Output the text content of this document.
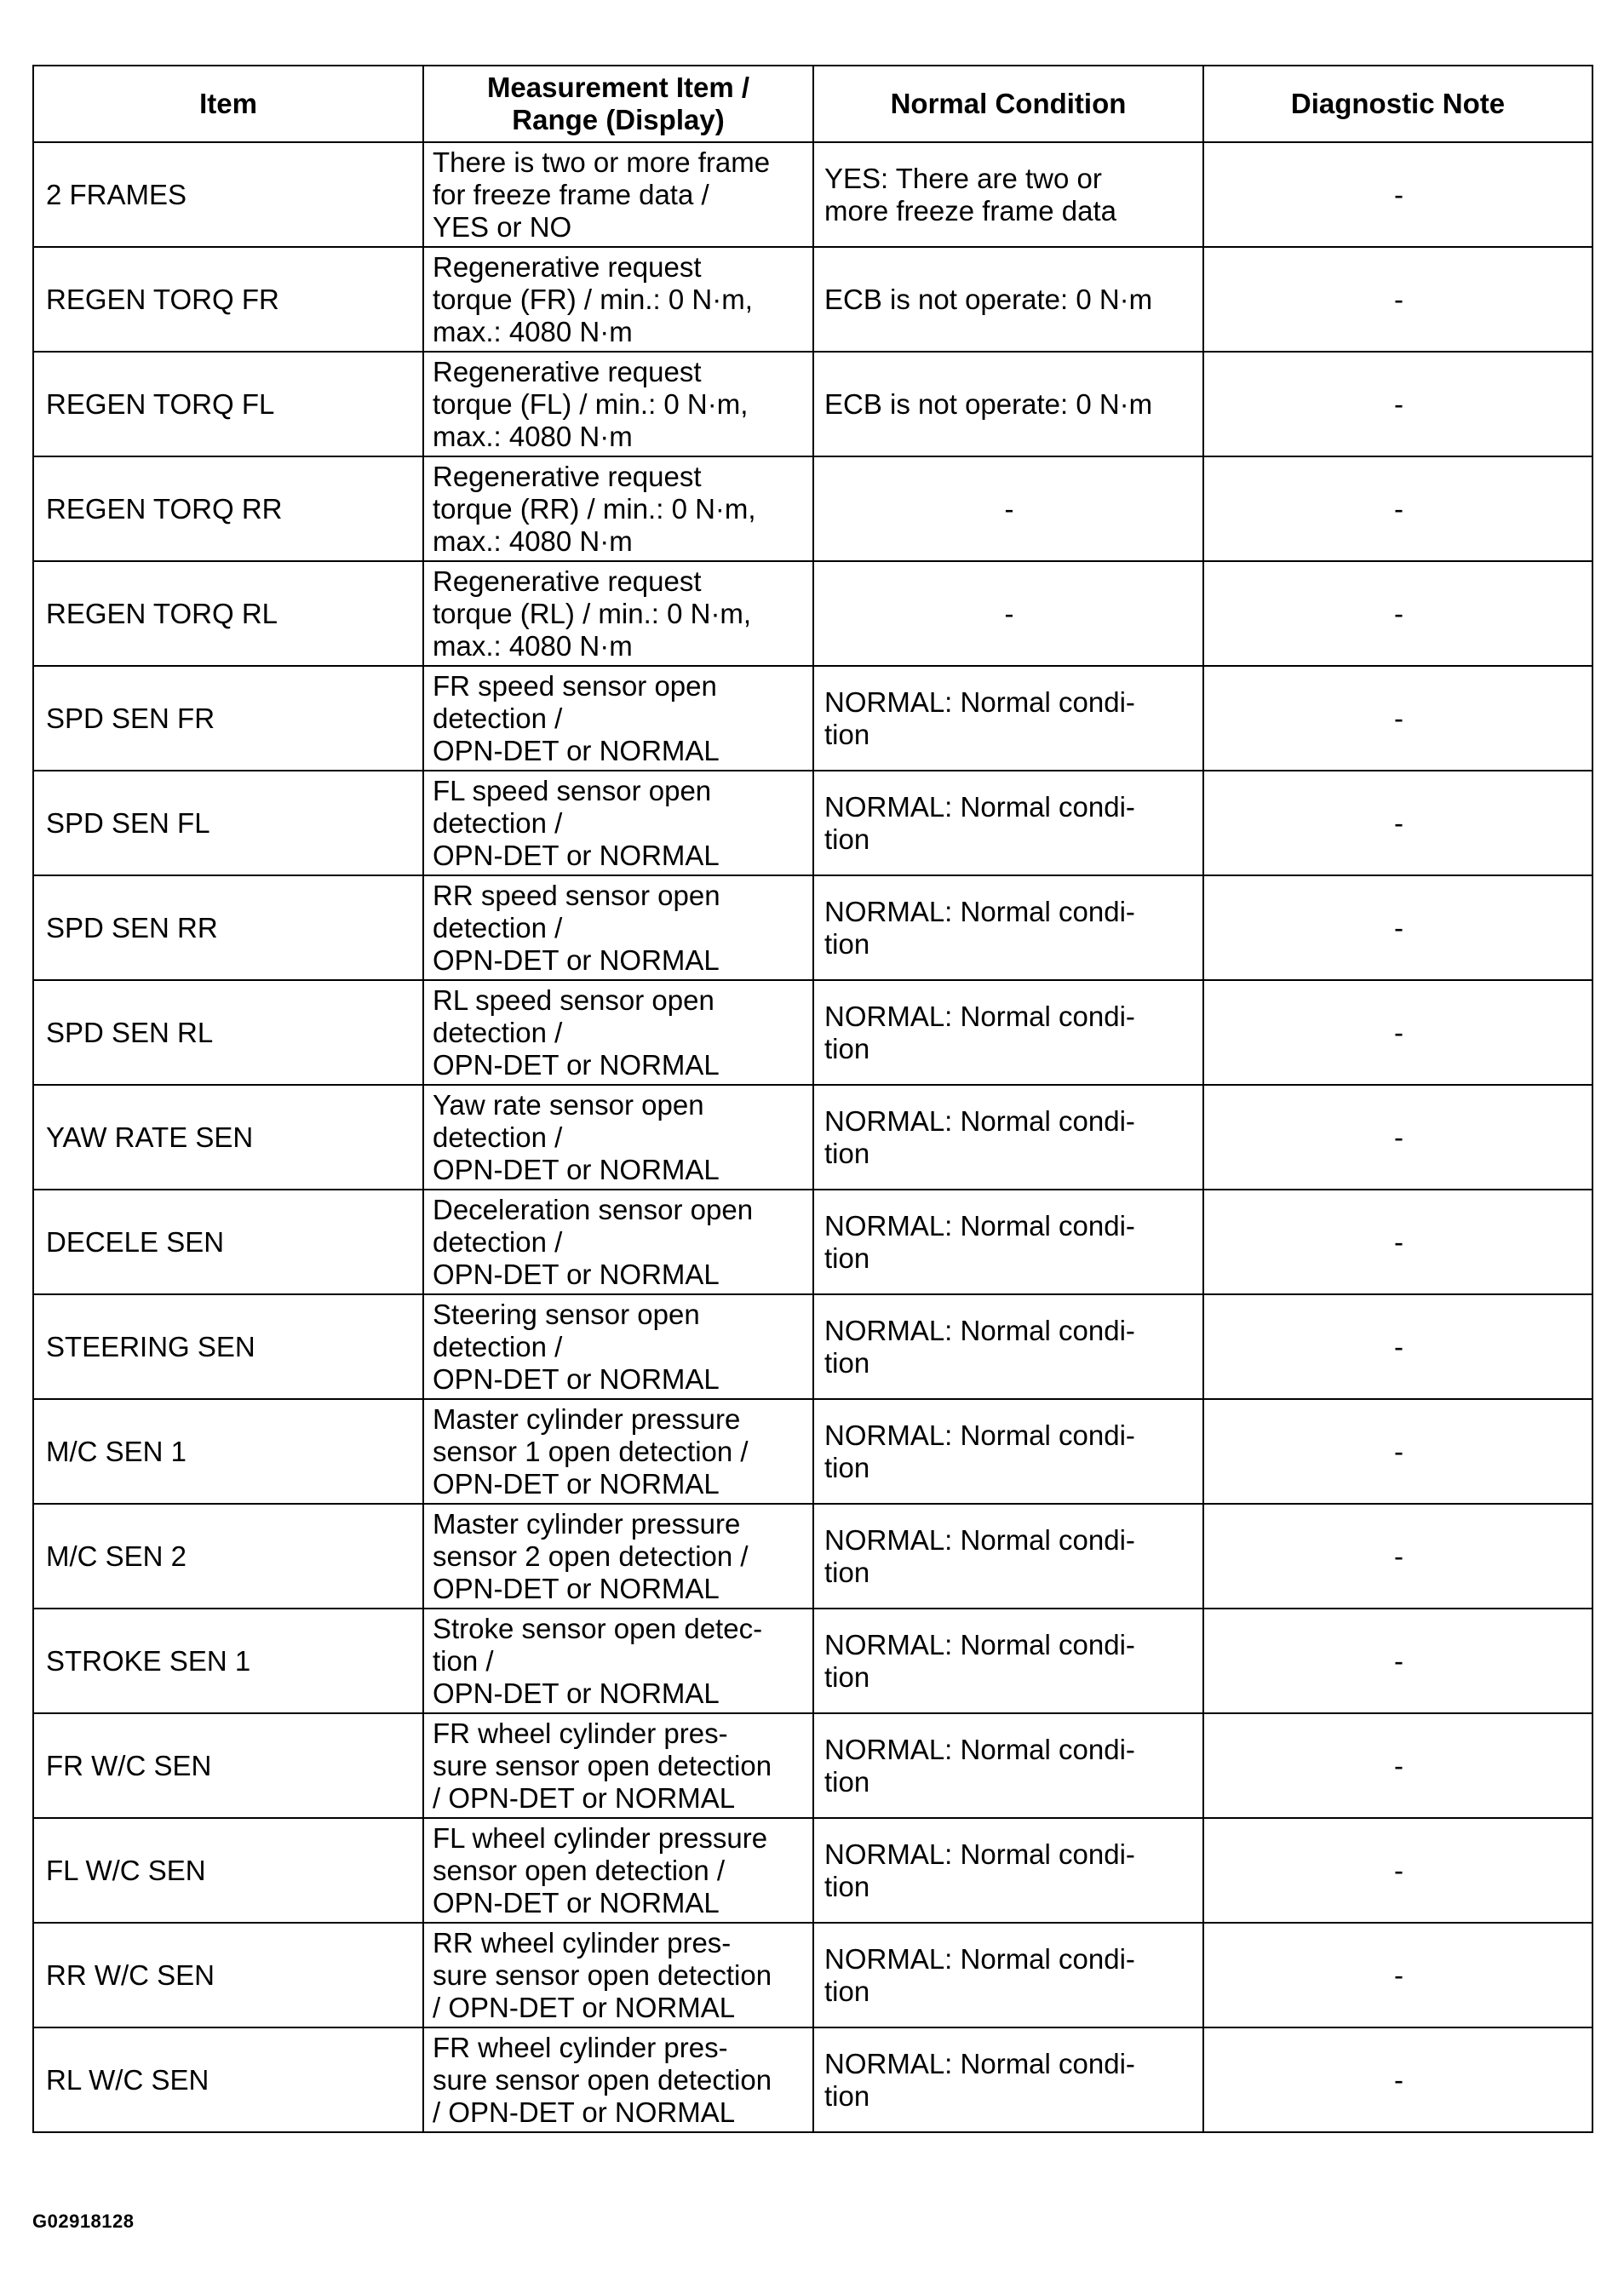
Item	Measurement Item /
Range (Display)	Normal Condition	Diagnostic Note
2 FRAMES	There is two or more frame
for freeze frame data /
YES or NO	YES: There are two or
more freeze frame data	-
REGEN TORQ FR	Regenerative request
torque (FR) / min.: 0 N·m,
max.: 4080 N·m	ECB is not operate: 0 N·m	-
REGEN TORQ FL	Regenerative request
torque (FL) / min.: 0 N·m,
max.: 4080 N·m	ECB is not operate: 0 N·m	-
REGEN TORQ RR	Regenerative request
torque (RR) / min.: 0 N·m,
max.: 4080 N·m	-	-
REGEN TORQ RL	Regenerative request
torque (RL) / min.: 0 N·m,
max.: 4080 N·m	-	-
SPD SEN FR	FR speed sensor open
detection /
OPN-DET or NORMAL	NORMAL: Normal condi-
tion	-
SPD SEN FL	FL speed sensor open
detection /
OPN-DET or NORMAL	NORMAL: Normal condi-
tion	-
SPD SEN RR	RR speed sensor open
detection /
OPN-DET or NORMAL	NORMAL: Normal condi-
tion	-
SPD SEN RL	RL speed sensor open
detection /
OPN-DET or NORMAL	NORMAL: Normal condi-
tion	-
YAW RATE SEN	Yaw rate sensor open
detection /
OPN-DET or NORMAL	NORMAL: Normal condi-
tion	-
DECELE SEN	Deceleration sensor open
detection /
OPN-DET or NORMAL	NORMAL: Normal condi-
tion	-
STEERING SEN	Steering sensor open
detection /
OPN-DET or NORMAL	NORMAL: Normal condi-
tion	-
M/C SEN 1	Master cylinder pressure
sensor 1 open detection /
OPN-DET or NORMAL	NORMAL: Normal condi-
tion	-
M/C SEN 2	Master cylinder pressure
sensor 2 open detection /
OPN-DET or NORMAL	NORMAL: Normal condi-
tion	-
STROKE SEN 1	Stroke sensor open detec-
tion /
OPN-DET or NORMAL	NORMAL: Normal condi-
tion	-
FR W/C SEN	FR wheel cylinder pres-
sure sensor open detection
/ OPN-DET or NORMAL	NORMAL: Normal condi-
tion	-
FL W/C SEN	FL wheel cylinder pressure
sensor open detection /
OPN-DET or NORMAL	NORMAL: Normal condi-
tion	-
RR W/C SEN	RR wheel cylinder pres-
sure sensor open detection
/ OPN-DET or NORMAL	NORMAL: Normal condi-
tion	-
RL W/C SEN	FR wheel cylinder pres-
sure sensor open detection
/ OPN-DET or NORMAL	NORMAL: Normal condi-
tion	-
G02918128
